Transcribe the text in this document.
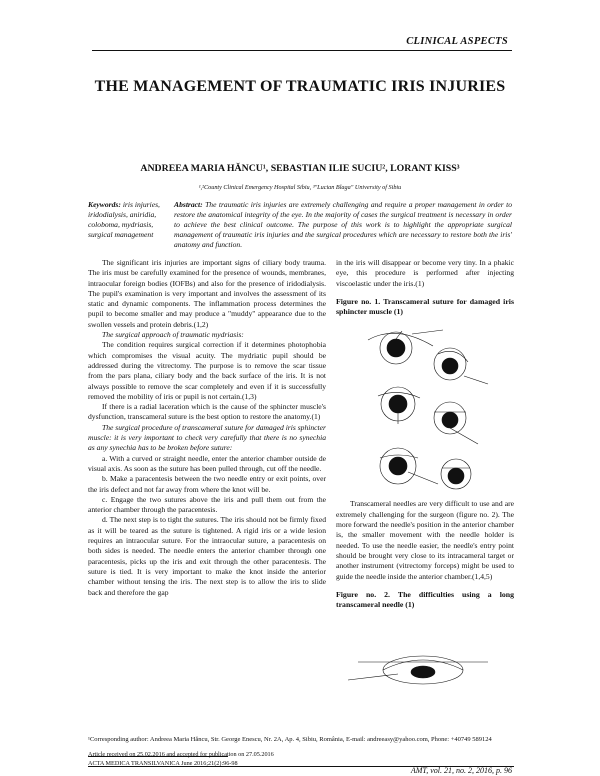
CLINICAL ASPECTS
THE MANAGEMENT OF TRAUMATIC IRIS INJURIES
ANDREEA MARIA HĂNCU¹, SEBASTIAN ILIE SUCIU², LORANT KISS³
¹,²County Clinical Emergency Hospital Sibiu, ³"Lucian Blaga" University of Sibiu
Keywords: iris injuries, iridodialysis, aniridia, coloboma, mydriasis, surgical management
Abstract: The traumatic iris injuries are extremely challenging and require a proper management in order to restore the anatomical integrity of the eye. In the majority of cases the surgical treatment is necessary in order to achieve the best clinical outcome. The purpose of this work is to highlight the appropriate surgical management of traumatic iris injuries and the surgical procedures which are necessary to restore both the iris' anatomy and function.

The significant iris injuries are important signs of ciliary body trauma. The iris must be carefully examined for the presence of wounds, membranes, intraocular foreign bodies (IOFBs) and also for the presence of iridodialysis. The pupil's examination is very important and involves the assessment of its static and dynamic components. The inflammation process determines the pupil to become smaller and may produce a "muddy" appearance due to the swollen vessels and protein debris.(1,2)

The surgical approach of traumatic mydriasis:

The condition requires surgical correction if it determines photophobia which compromises the visual acuity. The mydriatic pupil should be addressed during the vitrectomy. The purpose is to remove the scar tissue from the pars plana, ciliary body and the back surface of the iris. It is not always possible to remove the scar completely and even if it is successfully removed the mobility of iris or pupil is not certain.(1,3)

If there is a radial laceration which is the cause of the sphincter muscle's dysfunction, transcameral suture is the best option to restore the anatomy.(1)

The surgical procedure of transcameral suture for damaged iris sphincter muscle: it is very important to check very carefully that there is no synechia as any synechia has to be broken before suture:

a. With a curved or straight needle, enter the anterior chamber outside de visual axis. As soon as the suture has been pulled through, cut off the needle.

b. Make a paracentesis between the two needle entry or exit points, over the iris defect and not far away from where the knot will be.

c. Engage the two sutures above the iris and pull them out from the anterior chamber through the paracentesis.

d. The next step is to tight the sutures. The iris should not be firmly fixed as it will be teared as the suture is tightened. A rigid iris or a wide lesion requires an intraocular suture. For the intraocular suture, a paracentesis on both sides is needed. The needle enters the anterior chamber through one paracentesis, picks up the iris and exit through the other paracentesis. The suture is tied. It is very important to make the knot inside the anterior chamber without tensing the iris. The next step is to allow the iris to slide back and therefore the gap

in the iris will disappear or become very tiny. In a phakic eye, this procedure is performed after injecting viscoelastic under the iris.(1)

Figure no. 1. Transcameral suture for damaged iris sphincter muscle (1)

Transcameral needles are very difficult to use and are extremely challenging for the surgeon (figure no. 2). The more forward the needle's position in the anterior chamber is, the smaller movement with the needle holder is needed. To use the needle easier, the needle's entry point should be brought very close to its intracameral target or another instrument (vitrectomy forceps) might be used to guide the needle inside the anterior chamber.(1,4,5)

Figure no. 2. The difficulties using a long transcameral needle (1)

¹Corresponding author: Andreea Maria Hăncu, Str. George Enescu, Nr. 2A, Ap. 4, Sibiu, România, E-mail: andreeasy@yahoo.com, Phone: +40749 589124
Article received on 25.02.2016 and accepted for publication on 27.05.2016
ACTA MEDICA TRANSILVANICA June 2016;21(2):96-98
AMT, vol. 21, no. 2, 2016, p. 96
